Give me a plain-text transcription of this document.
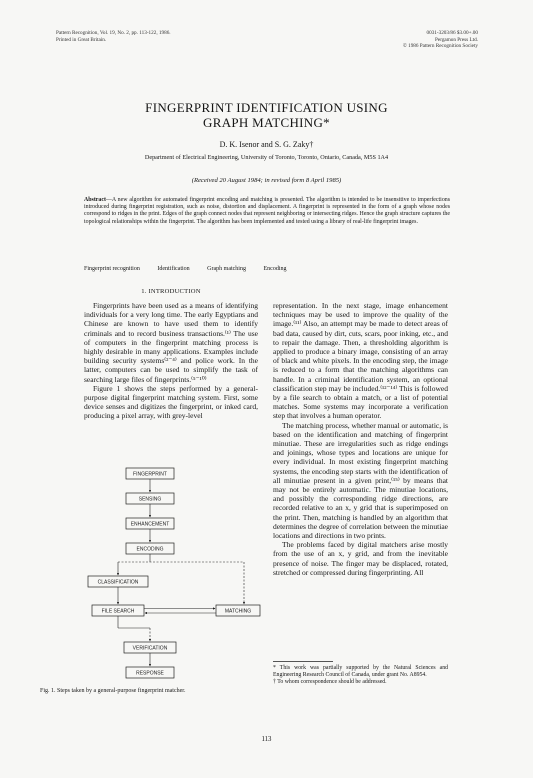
Pattern Recognition, Vol. 19, No. 2, pp. 113-122, 1986.
Printed in Great Britain.
0031-3203/86 $3.00+.00
Pergamon Press Ltd.
© 1986 Pattern Recognition Society
FINGERPRINT IDENTIFICATION USING
GRAPH MATCHING*
D. K. Isenor and S. G. Zaky†
Department of Electrical Engineering, University of Toronto, Toronto, Ontario, Canada, M5S 1A4
(Received 20 August 1984; in revised form 8 April 1985)
Abstract—A new algorithm for automated fingerprint encoding and matching is presented. The algorithm is intended to be insensitive to imperfections introduced during fingerprint registration, such as noise, distortion and displacement. A fingerprint is represented in the form of a graph whose nodes correspond to ridges in the print. Edges of the graph connect nodes that represent neighboring or intersecting ridges. Hence the graph structure captures the topological relationships within the fingerprint. The algorithm has been implemented and tested using a library of real-life fingerprint images.
Fingerprint recognition	Identification	Graph matching	Encoding
1. INTRODUCTION

Fingerprints have been used as a means of identifying individuals for a very long time. The early Egyptians and Chinese are known to have used them to identify criminals and to record business transactions.⁽¹⁾ The use of computers in the fingerprint matching process is highly desirable in many applications. Examples include building security systems⁽²⁻⁴⁾ and police work. In the latter, computers can be used to simplify the task of searching large files of fingerprints.⁽⁵⁻¹⁰⁾

Figure 1 shows the steps performed by a general-purpose digital fingerprint matching system. First, some device senses and digitizes the fingerprint, or inked card, producing a pixel array, with grey-level

FINGERPRINT
SENSING
ENHANCEMENT
ENCODING
CLASSIFICATION
FILE SEARCH	MATCHING
VERIFICATION
RESPONSE
Fig. 1. Steps taken by a general-purpose fingerprint matcher.

representation. In the next stage, image enhancement techniques may be used to improve the quality of the image.⁽¹¹⁾ Also, an attempt may be made to detect areas of bad data, caused by dirt, cuts, scars, poor inking, etc., and to repair the damage. Then, a thresholding algorithm is applied to produce a binary image, consisting of an array of black and white pixels. In the encoding step, the image is reduced to a form that the matching algorithms can handle. In a criminal identification system, an optional classification step may be included.⁽¹²⁻¹⁴⁾ This is followed by a file search to obtain a match, or a list of potential matches. Some systems may incorporate a verification step that involves a human operator.

The matching process, whether manual or automatic, is based on the identification and matching of fingerprint minutiae. These are irregularities such as ridge endings and joinings, whose types and locations are unique for every individual. In most existing fingerprint matching systems, the encoding step starts with the identification of all minutiae present in a given print,⁽¹⁵⁾ by means that may not be entirely automatic. The minutiae locations, and possibly the corresponding ridge directions, are recorded relative to an x, y grid that is superimposed on the print. Then, matching is handled by an algorithm that determines the degree of correlation between the minutiae locations and directions in two prints.

The problems faced by digital matchers arise mostly from the use of an x, y grid, and from the inevitable presence of noise. The finger may be displaced, rotated, stretched or compressed during fingerprinting. All

* This work was partially supported by the Natural Sciences and Engineering Research Council of Canada, under grant No. A8954.
† To whom correspondence should be addressed.
113
